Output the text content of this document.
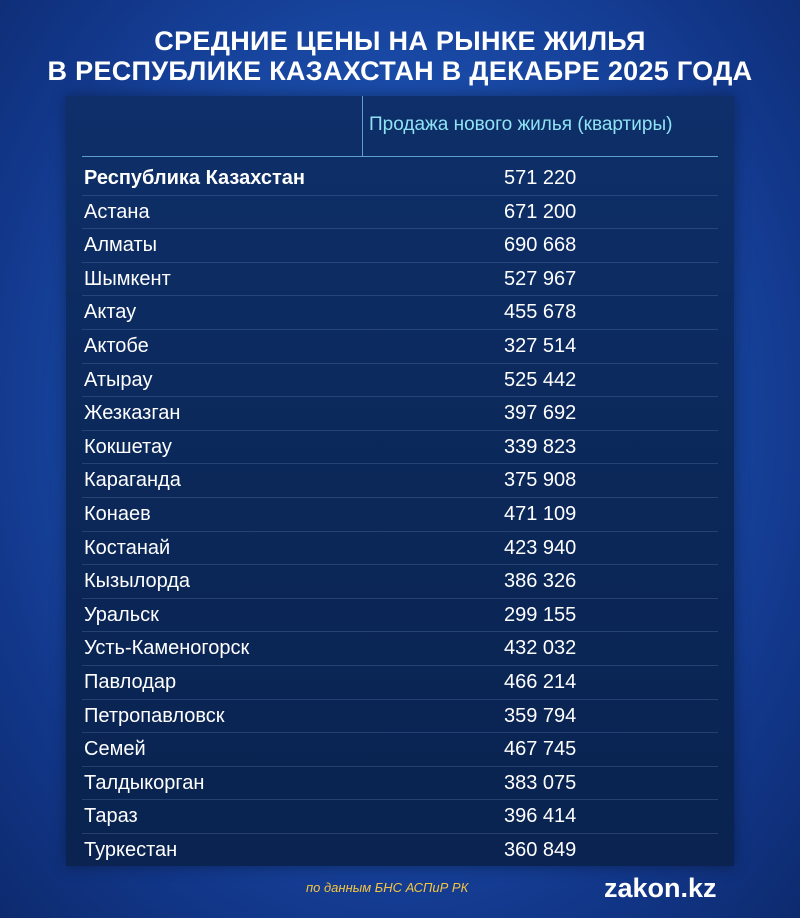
СРЕДНИЕ ЦЕНЫ НА РЫНКЕ ЖИЛЬЯ
В РЕСПУБЛИКЕ КАЗАХСТАН В ДЕКАБРЕ 2025 ГОДА
Продажа нового жилья (квартиры)
Республика Казахстан	571 220
Астана	671 200
Алматы	690 668
Шымкент	527 967
Актау	455 678
Актобе	327 514
Атырау	525 442
Жезказган	397 692
Кокшетау	339 823
Караганда	375 908
Конаев	471 109
Костанай	423 940
Кызылорда	386 326
Уральск	299 155
Усть-Каменогорск	432 032
Павлодар	466 214
Петропавловск	359 794
Семей	467 745
Талдыкорган	383 075
Тараз	396 414
Туркестан	360 849
по данным БНС АСПиР РК	zakon.kz
